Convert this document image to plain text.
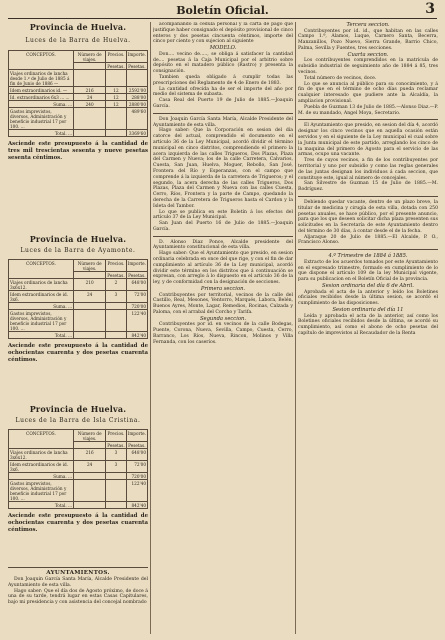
Boletín Oficial.	3
Provincia de Huelva.
Luces de la Barra de Huelva.
CONCEPTOS.	Número de viajes.	Precios.	Importe.
		Pesetas.	Pesetas.
Viajes ordinarios de lancha desde 1.º de Julio de 1885 á fin de Junio de 1886 —			
Idem extraordinarios id. —	216	12	2592'00
Id. extraordinarios 6x3 ... ...	24	12	288'00
Suma. ...	240	12	2880'00
Gastos imprevistos, diversos, Administración y beneficio industrial 17 por 100. ...			489'60
Total. ...			3369'60
Asciende este presupuesto á la cantidad de tres mil trescientas sesenta y nueve pesetas sesenta céntimos.
Provincia de Huelva.
Luces de la Barra de Ayamonte.
CONCEPTOS.	Número de viajes.	Precios.	Importe.
		Pesetas.	Pesetas.
Viajes ordinarios de lancha 3x6x12.	210	2	648'00
Idem extraordinarios de id. 3x6.	24	3	72'00
Suma. ...			720'00
Gastos imprevistos, diversos, Administración y beneficio industrial 17 por 100. ...			122'40
Total. ...			842'40
Asciende este presupuesto á la cantidad de ochocientas cuarenta y dos pesetas cuarenta céntimos.
Provincia de Huelva.
Luces de la Barra de Isla Cristina.
CONCEPTOS.	Número de viajes.	Precios.	Importe.
		Pesetas.	Pesetas.
Viajes ordinarios de lancha 3x6x12.	216	3	648'00
Idem extraordinarios de id. 3x6.	24	3	72'00
Suma. ...			720'00
Gastos imprevistos, diversos, Administración y beneficio industrial 17 por 100. ...			122'40
Total. ...			842'40
Asciende este presupuesto á la cantidad de ochocientas cuarenta y dos pesetas cuarenta céntimos.
AYUNTAMIENTOS.

Don Joaquin García Santa María, Alcalde Presidente del Ayuntamiento de esta villa.

Hago saber: Que el día dos de Agosto próximo, de doce á una de su tarde, tendrá lugar en estas Casas Capitulares, bajo mi presidencia y con asistencia del concejal nombrado

acompañando la cédula personal y la carta de pago que justifique haber consignado el depósito provisional de cinco enteros y dos pesetas cincuenta céntimos, importe del cinco por ciento y con sujecion al siguiente

MODELO.

Don.... vecino de....., se obliga á satisfacer la cantidad de.... pesetas á la Caja Municipal por el arbitrio sobre depósito en el matadero público (Rastro) y presenta la consignación.

Tambien queda obligado á cumplir todas las prescripciones del Reglamento de 4 de Enero de 1883.

La cantidad ofrecida ha de ser el importe del año por medio del sistema de subasta.

Casa Real del Puerto 19 de Julio de 1885.—Joaquin García.

Don Joaquin García Santa María, Alcalde Presidente del Ayuntamiento de esta villa.

Hago saber: Que la Corporación en sesion del día catorce del actual, comprendido el documento en el artículo 36 de la Ley Municipal, acordó dividir el término municipal en cinco distritos, comprendiendo el primero la acera izquierda de las calles Trigueros, Dos Plazas, Plaza del Carmen y Nueva; los de la calle Carretera, Calvarios, Cuesta, San Juan, Huelva, Moguer, Rebollo, San José, Frontera del Río y Esperanzas, con el campo que comprende á la izquierda de la carretera de Trigueros; y el segundo, la acera derecha de las calles Trigueros, Dos Plazas, Plaza del Carmen y Nueva con las calles Cuesta, Cerro, Ríos, Frontera y la parte de Campo, quedando la derecha de la Carretera de Trigueros hasta el Cardon y la Isleta del Tambor.

Lo que se publica en este Boletín á los efectos del artículo 37 de la Ley Municipal.

San Juan del Puerto 16 de Julio de 1885.—Joaquin García.

D. Alonso Diaz Ponce, Alcalde presidente del Ayuntamiento constitucional de esta villa.

Hago saber: Que el Ayuntamiento que presido, en sesion ordinaria celebrada en once del que rige, y con el fin de dar cumplimiento al artículo 36 de la Ley municipal, acordó dividir este término en los distritos que á continuación se expresan, con arreglo á lo dispuesto en el artículo 36 de la ley, y de conformidad con la designación de secciones.

Primera seccion.

Contribuyentes por territorial, vecinos de la calle del Castillo, Real, Mesones, Ventorro, Marqués, Labora, Belén, Buenos Ayres, Monte, Lagar, Remedios, Rocinas, Calzada y Paloma, con el arrabal del Corcho y Tarifa.

Segunda seccion.

Contribuyentes por id. en vecinos de la calle Bodegas, Puente, Corona, Nueva, Sevilla, Campo, Cuesta, Cerro, Barranco, Los Ríos, Nueva, Rincon, Molinos y Villa Fernanda, con los caseríos.

Tercera seccion.

Contribuyentes por id. id., que habitan en las calles Campo 1.ª, Alamos, Luque, Carnero Santa, Becerra, Manzanillos, Pozo Nuevo, Sierra Grande, Barrio Chico, Palma, Sevilla y Fuentes, tres secciones.

Cuarta seccion.

Los contribuyentes comprendidos en la matrícula de subsidio industrial de seguimiento año de 1884 á 85, tres vecinos.

Total número de vecinos, doce.

Lo que se anuncia al público para su conocimiento, y á fin de que en el término de ocho días pueda reclamar cualquier interesado que pudiere ante la Alcaldía, la ampliacion provisional.

Puebla de Guzman 13 de Julio de 1885.—Alonso Diaz.—P. M. de su mandado, Angel Moya, Secretario.

El Ayuntamiento que presido, en sesion del día 4, acordó designar los cinco vecinos que en aquella ocasión están servidos y en el siguiente de la Ley municipal el cual sobre la Junta municipal de este partido, arreglando los cinco de la maquina del primero de Agosto para el servicio de las armas, ocupo una vacante.

Tres de cuyos vecinos, a fin de los contribuyentes por territorial y uno por subsidio y como las reglas generales de las juntas designan los individuos á cada seccion, que constituye este, igual al número de concejales.

San Silvestre de Guzman 15 de Julio de 1885.—M. Rodríguez.

Debiendo quedar vacante, dentro de un plazo breve, la titular de medicina y cirugía de esta villa, dotada con 250 pesetas anuales, se hace público, por el presente anuncio, para que los que deseen solicitar dicha plaza presenten sus solicitudes en la Secretaría de este Ayuntamiento dentro del término de 30 días, á contar desde el de la fecha.

Aljaraque 20 de Julio de 1885.—El Alcalde, P. O., Francisco Alonso.

4.º Trimestre de 1884 á 1885.

Extracto de los acuerdos tomados por este Ayuntamiento en el expresado trimestre, formado en cumplimiento de lo que dispone el artículo 109 de la ley Municipal vigente, para su publicacion en el Boletín Oficial de la provincia.

Sesion ordinaria del día 6 de Abril.

Aprobada el acta de la anterior y leído los Boletines oficiales recibidos desde la última sesion, se acordó el cumplimiento de las disposiciones.

Sesion ordinaria del día 11

Leída y aprobada el acta de la anterior, así como los Boletines oficiales recibidos desde la última, se acordó su cumplimiento, así como el abono de ocho pesetas del capítulo de imprevistos al Recaudador de la Renta
